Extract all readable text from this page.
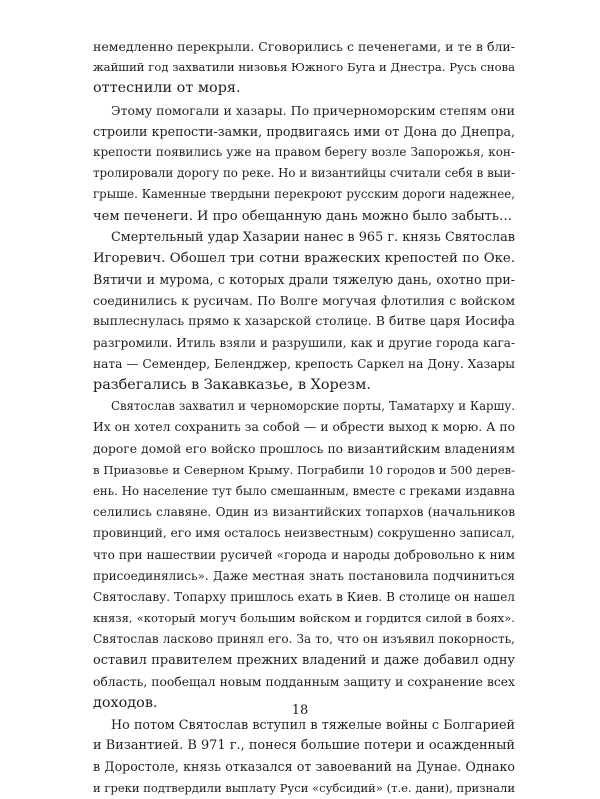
немедленно перекрыли. Сговорились с печенегами, и те в бли-
жайший год захватили низовья Южного Буга и Днестра. Русь снова
оттеснили от моря.
Этому помогали и хазары. По причерноморским степям они
строили крепости-замки, продвигаясь ими от Дона до Днепра,
крепости появились уже на правом берегу возле Запорожья, кон-
тролировали дорогу по реке. Но и византийцы считали себя в выи-
грыше. Каменные твердыни перекроют русским дороги надежнее,
чем печенеги. И про обещанную дань можно было забыть…
Смертельный удар Хазарии нанес в 965 г. князь Святослав
Игоревич. Обошел три сотни вражеских крепостей по Оке.
Вятичи и мурома, с которых драли тяжелую дань, охотно при-
соединились к русичам. По Волге могучая флотилия с войском
выплеснулась прямо к хазарской столице. В битве царя Иосифа
разгромили. Итиль взяли и разрушили, как и другие города кага-
ната — Семендер, Беленджер, крепость Саркел на Дону. Хазары
разбегались в Закавказье, в Хорезм.
Святослав захватил и черноморские порты, Таматарху и Каршу.
Их он хотел сохранить за собой — и обрести выход к морю. А по
дороге домой его войско прошлось по византийским владениям
в Приазовье и Северном Крыму. Пограбили 10 городов и 500 дерев-
ень. Но население тут было смешанным, вместе с греками издавна
селились славяне. Один из византийских топархов (начальников
провинций, его имя осталось неизвестным) сокрушенно записал,
что при нашествии русичей «города и народы добровольно к ним
присоединялись». Даже местная знать постановила подчиниться
Святославу. Топарху пришлось ехать в Киев. В столице он нашел
князя, «который могуч большим войском и гордится силой в боях».
Святослав ласково принял его. За то, что он изъявил покорность,
оставил правителем прежних владений и даже добавил одну
область, пообещал новым подданным защиту и сохранение всех
доходов.
Но потом Святослав вступил в тяжелые войны с Болгарией
и Византией. В 971 г., понеся большие потери и осажденный
в Доростоле, князь отказался от завоеваний на Дунае. Однако
и греки подтвердили выплату Руси «субсидий» (т.е. дани), признали
18
